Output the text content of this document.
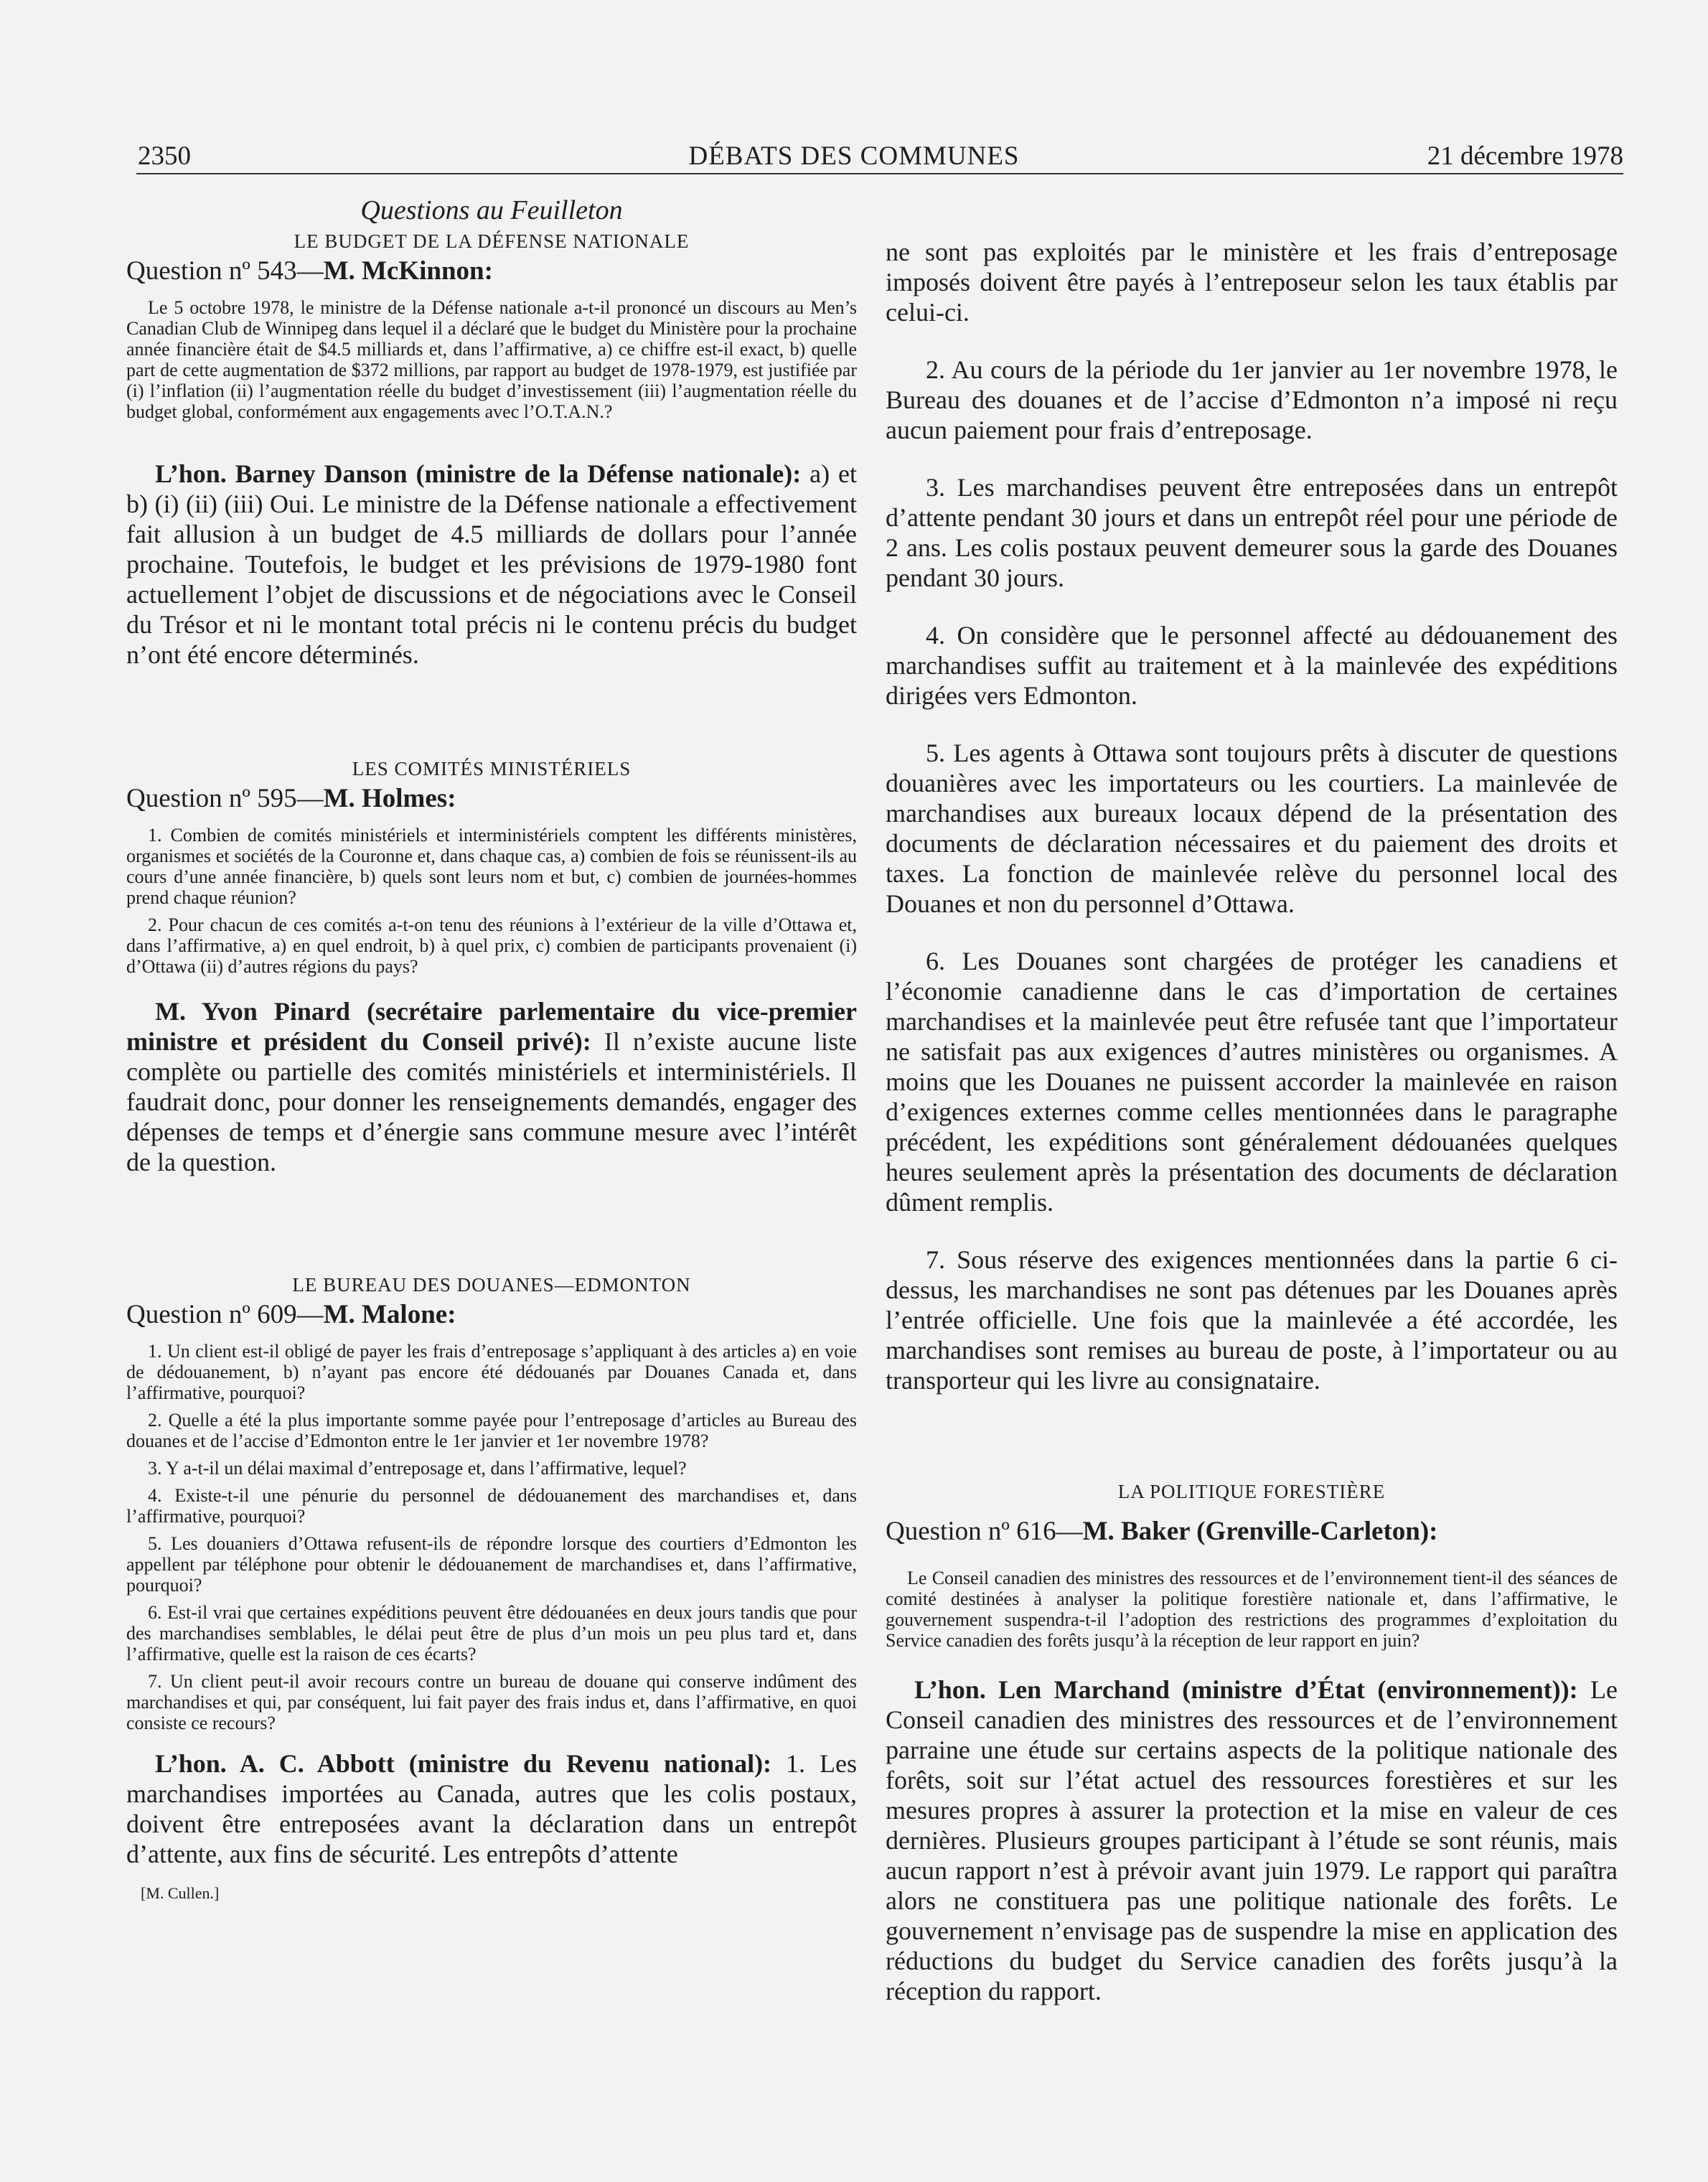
2350	DÉBATS DES COMMUNES	21 décembre 1978
Questions au Feuilleton
LE BUDGET DE LA DÉFENSE NATIONALE
Question nº 543—M. McKinnon:

Le 5 octobre 1978, le ministre de la Défense nationale a-t-il prononcé un discours au Men’s Canadian Club de Winnipeg dans lequel il a déclaré que le budget du Ministère pour la prochaine année financière était de $4.5 milliards et, dans l’affirmative, a) ce chiffre est-il exact, b) quelle part de cette augmentation de $372 millions, par rapport au budget de 1978-1979, est justifiée par (i) l’inflation (ii) l’augmentation réelle du budget d’investissement (iii) l’augmentation réelle du budget global, conformément aux engagements avec l’O.T.A.N.?

L’hon. Barney Danson (ministre de la Défense nationale): a) et b) (i) (ii) (iii) Oui. Le ministre de la Défense nationale a effectivement fait allusion à un budget de 4.5 milliards de dollars pour l’année prochaine. Toutefois, le budget et les prévisions de 1979-1980 font actuellement l’objet de discussions et de négociations avec le Conseil du Trésor et ni le montant total précis ni le contenu précis du budget n’ont été encore déterminés.

LES COMITÉS MINISTÉRIELS
Question nº 595—M. Holmes:

1. Combien de comités ministériels et interministériels comptent les différents ministères, organismes et sociétés de la Couronne et, dans chaque cas, a) combien de fois se réunissent-ils au cours d’une année financière, b) quels sont leurs nom et but, c) combien de journées-hommes prend chaque réunion?

2. Pour chacun de ces comités a-t-on tenu des réunions à l’extérieur de la ville d’Ottawa et, dans l’affirmative, a) en quel endroit, b) à quel prix, c) combien de participants provenaient (i) d’Ottawa (ii) d’autres régions du pays?

M. Yvon Pinard (secrétaire parlementaire du vice-premier ministre et président du Conseil privé): Il n’existe aucune liste complète ou partielle des comités ministériels et interministériels. Il faudrait donc, pour donner les renseignements demandés, engager des dépenses de temps et d’énergie sans commune mesure avec l’intérêt de la question.

LE BUREAU DES DOUANES—EDMONTON
Question nº 609—M. Malone:

1. Un client est-il obligé de payer les frais d’entreposage s’appliquant à des articles a) en voie de dédouanement, b) n’ayant pas encore été dédouanés par Douanes Canada et, dans l’affirmative, pourquoi?

2. Quelle a été la plus importante somme payée pour l’entreposage d’articles au Bureau des douanes et de l’accise d’Edmonton entre le 1er janvier et 1er novembre 1978?

3. Y a-t-il un délai maximal d’entreposage et, dans l’affirmative, lequel?

4. Existe-t-il une pénurie du personnel de dédouanement des marchandises et, dans l’affirmative, pourquoi?

5. Les douaniers d’Ottawa refusent-ils de répondre lorsque des courtiers d’Edmonton les appellent par téléphone pour obtenir le dédouanement de marchandises et, dans l’affirmative, pourquoi?

6. Est-il vrai que certaines expéditions peuvent être dédouanées en deux jours tandis que pour des marchandises semblables, le délai peut être de plus d’un mois un peu plus tard et, dans l’affirmative, quelle est la raison de ces écarts?

7. Un client peut-il avoir recours contre un bureau de douane qui conserve indûment des marchandises et qui, par conséquent, lui fait payer des frais indus et, dans l’affirmative, en quoi consiste ce recours?

L’hon. A. C. Abbott (ministre du Revenu national): 1. Les marchandises importées au Canada, autres que les colis postaux, doivent être entreposées avant la déclaration dans un entrepôt d’attente, aux fins de sécurité. Les entrepôts d’attente

[M. Cullen.]

ne sont pas exploités par le ministère et les frais d’entreposage imposés doivent être payés à l’entreposeur selon les taux établis par celui-ci.

2. Au cours de la période du 1er janvier au 1er novembre 1978, le Bureau des douanes et de l’accise d’Edmonton n’a imposé ni reçu aucun paiement pour frais d’entreposage.

3. Les marchandises peuvent être entreposées dans un entrepôt d’attente pendant 30 jours et dans un entrepôt réel pour une période de 2 ans. Les colis postaux peuvent demeurer sous la garde des Douanes pendant 30 jours.

4. On considère que le personnel affecté au dédouanement des marchandises suffit au traitement et à la mainlevée des expéditions dirigées vers Edmonton.

5. Les agents à Ottawa sont toujours prêts à discuter de questions douanières avec les importateurs ou les courtiers. La mainlevée de marchandises aux bureaux locaux dépend de la présentation des documents de déclaration nécessaires et du paiement des droits et taxes. La fonction de mainlevée relève du personnel local des Douanes et non du personnel d’Ottawa.

6. Les Douanes sont chargées de protéger les canadiens et l’économie canadienne dans le cas d’importation de certaines marchandises et la mainlevée peut être refusée tant que l’importateur ne satisfait pas aux exigences d’autres ministères ou organismes. A moins que les Douanes ne puissent accorder la mainlevée en raison d’exigences externes comme celles mentionnées dans le paragraphe précédent, les expéditions sont généralement dédouanées quelques heures seulement après la présentation des documents de déclaration dûment remplis.

7. Sous réserve des exigences mentionnées dans la partie 6 ci-dessus, les marchandises ne sont pas détenues par les Douanes après l’entrée officielle. Une fois que la mainlevée a été accordée, les marchandises sont remises au bureau de poste, à l’importateur ou au transporteur qui les livre au consignataire.

LA POLITIQUE FORESTIÈRE
Question nº 616—M. Baker (Grenville-Carleton):

Le Conseil canadien des ministres des ressources et de l’environnement tient-il des séances de comité destinées à analyser la politique forestière nationale et, dans l’affirmative, le gouvernement suspendra-t-il l’adoption des restrictions des programmes d’exploitation du Service canadien des forêts jusqu’à la réception de leur rapport en juin?

L’hon. Len Marchand (ministre d’État (environnement)): Le Conseil canadien des ministres des ressources et de l’environnement parraine une étude sur certains aspects de la politique nationale des forêts, soit sur l’état actuel des ressources forestières et sur les mesures propres à assurer la protection et la mise en valeur de ces dernières. Plusieurs groupes participant à l’étude se sont réunis, mais aucun rapport n’est à prévoir avant juin 1979. Le rapport qui paraîtra alors ne constituera pas une politique nationale des forêts. Le gouvernement n’envisage pas de suspendre la mise en application des réductions du budget du Service canadien des forêts jusqu’à la réception du rapport.
